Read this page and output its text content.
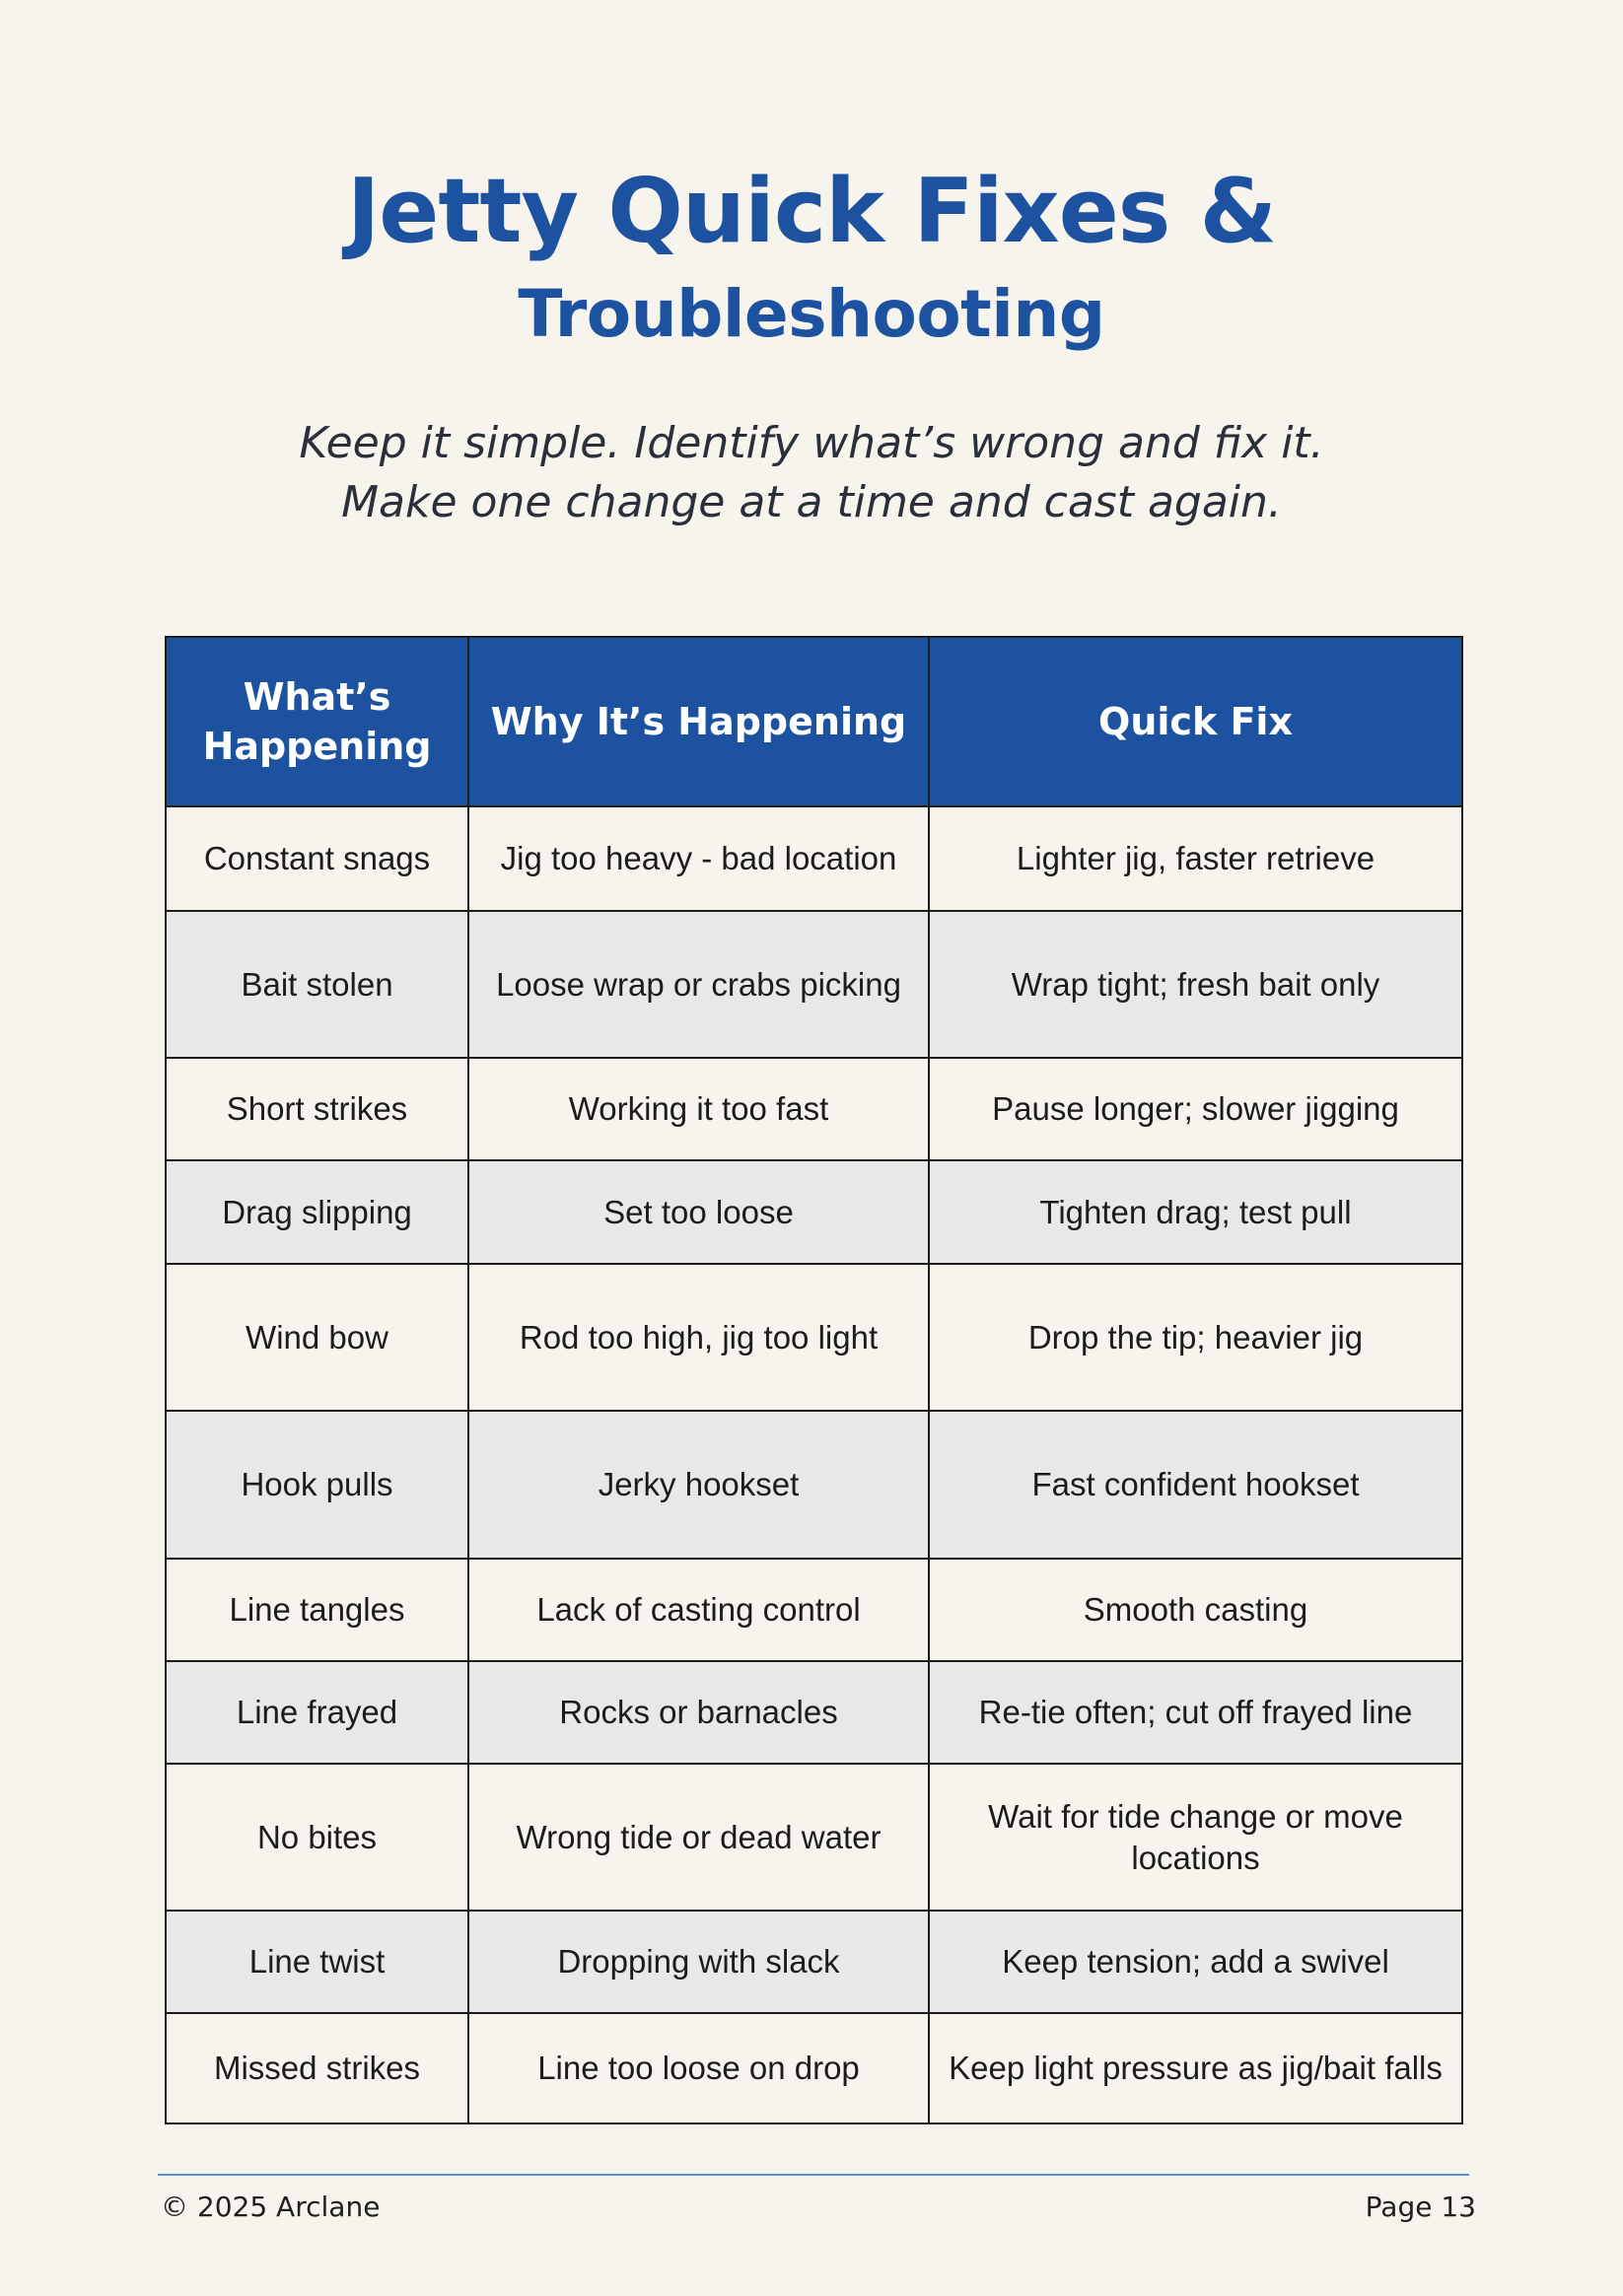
Jetty Quick Fixes &
Troubleshooting

Keep it simple. Identify what’s wrong and fix it.

Make one change at a time and cast again.

What’s Happening	Why It’s Happening	Quick Fix
Constant snags	Jig too heavy - bad location	Lighter jig, faster retrieve
Bait stolen	Loose wrap or crabs picking	Wrap tight; fresh bait only
Short strikes	Working it too fast	Pause longer; slower jigging
Drag slipping	Set too loose	Tighten drag; test pull
Wind bow	Rod too high, jig too light	Drop the tip; heavier jig
Hook pulls	Jerky hookset	Fast confident hookset
Line tangles	Lack of casting control	Smooth casting
Line frayed	Rocks or barnacles	Re-tie often; cut off frayed line
No bites	Wrong tide or dead water	Wait for tide change or move locations
Line twist	Dropping with slack	Keep tension; add a swivel
Missed strikes	Line too loose on drop	Keep light pressure as jig/bait falls
© 2025 Arclane	Page 13
